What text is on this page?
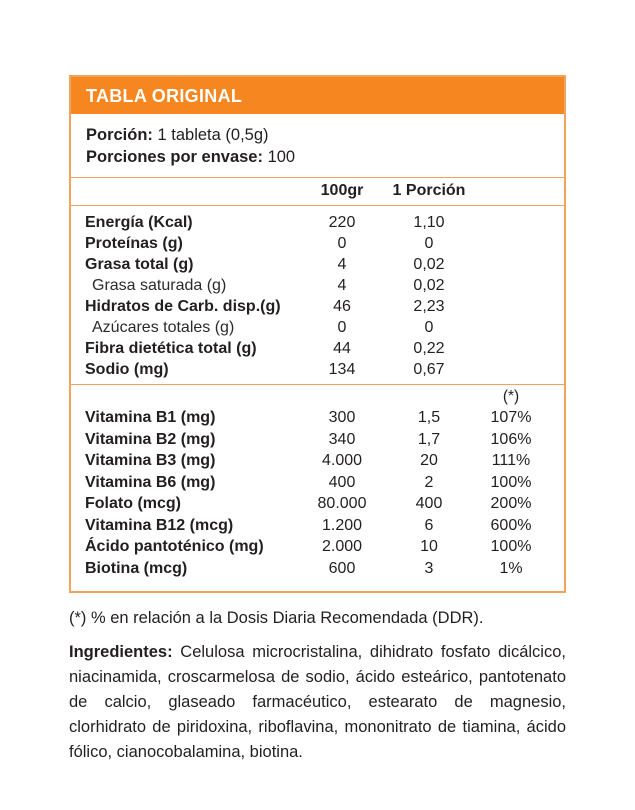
TABLA ORIGINAL
Porción: 1 tableta (0,5g)
Porciones por envase: 100
100gr	1 Porción
Energía (Kcal)	220	1,10
Proteínas (g)	0	0
Grasa total (g)	4	0,02
Grasa saturada (g)	4	0,02
Hidratos de Carb. disp.(g)	46	2,23
Azúcares totales (g)	0	0
Fibra dietética total (g)	44	0,22
Sodio (mg)	134	0,67
(*)
Vitamina B1 (mg)	300	1,5	107%
Vitamina B2 (mg)	340	1,7	106%
Vitamina B3 (mg)	4.000	20	111%
Vitamina B6 (mg)	400	2	100%
Folato (mcg)	80.000	400	200%
Vitamina B12 (mcg)	1.200	6	600%
Ácido pantoténico (mg)	2.000	10	100%
Biotina (mcg)	600	3	1%
(*) % en relación a la Dosis Diaria Recomendada (DDR).
Ingredientes: Celulosa microcristalina, dihidrato fosfato dicálcico, niacinamida, croscarmelosa de sodio, ácido esteárico, pantotenato de calcio, glaseado farmacéutico, estearato de magnesio, clorhidrato de piridoxina, riboflavina, mononitrato de tiamina, ácido fólico, cianocobalamina, biotina.
